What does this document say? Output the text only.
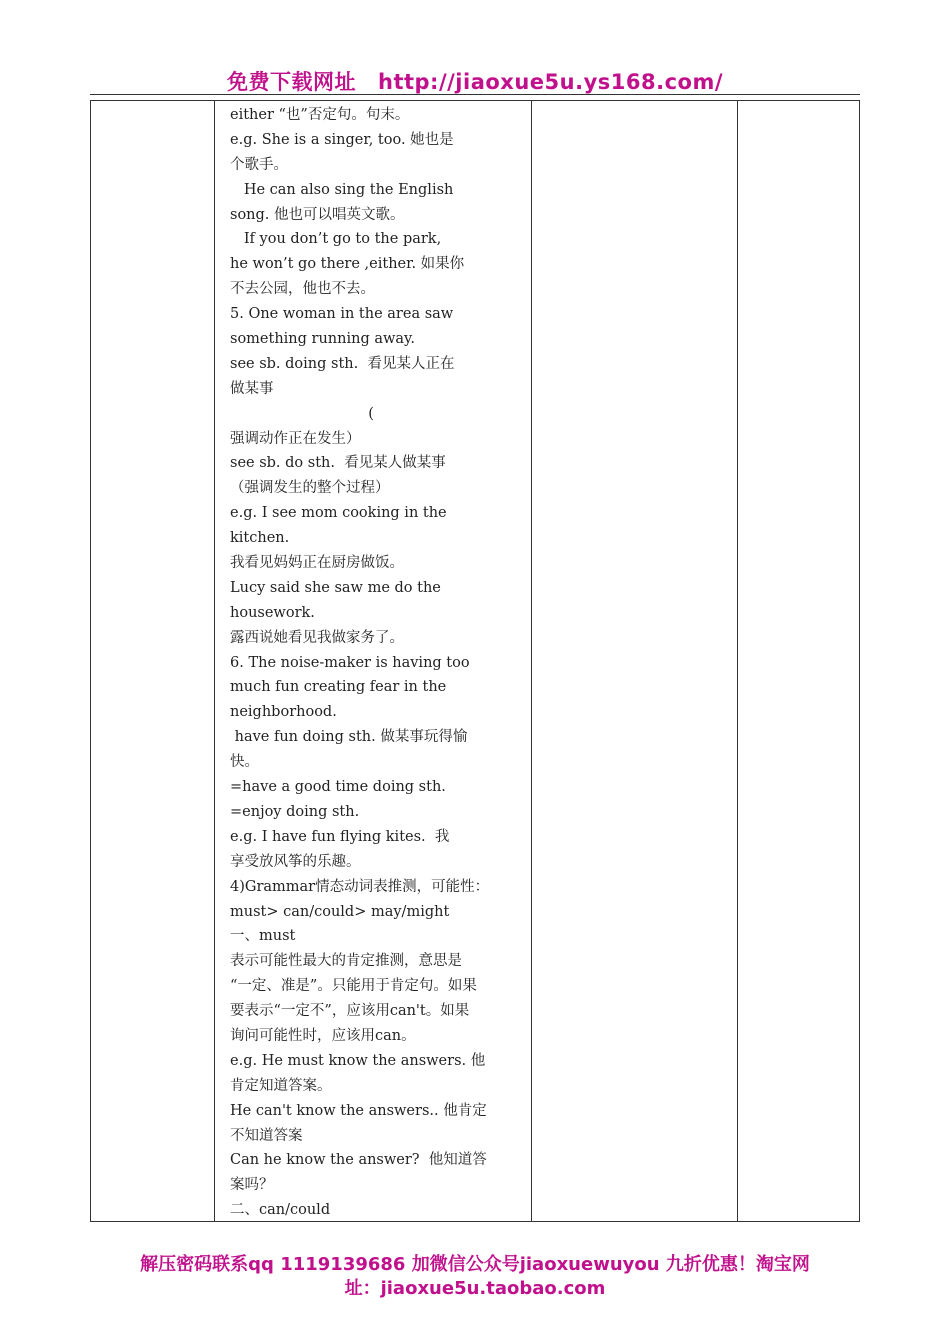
免费下载网址 http://jiaoxue5u.ys168.com/
either “也”否定句。句末。
e.g. She is a singer, too. 她也是
个歌手。
He can also sing the English
song. 他也可以唱英文歌。
If you don’t go to the park,
he won’t go there ,either. 如果你
不去公园，他也不去。
5. One woman in the area saw
something running away.
see sb. doing sth.  看见某人正在
做某事
(
强调动作正在发生）
see sb. do sth.  看见某人做某事
（强调发生的整个过程）
e.g. I see mom cooking in the
kitchen.
我看见妈妈正在厨房做饭。
Lucy said she saw me do the
housework.
露西说她看见我做家务了。
6. The noise-maker is having too
much fun creating fear in the
neighborhood.
have fun doing sth. 做某事玩得愉
快。
=have a good time doing sth.
=enjoy doing sth.
e.g. I have fun flying kites.  我
享受放风筝的乐趣。
4)Grammar情态动词表推测，可能性：
must> can/could> may/might
一、must
表示可能性最大的肯定推测，意思是
“一定、准是”。只能用于肯定句。如果
要表示“一定不”，应该用can't。如果
询问可能性时，应该用can。
e.g. He must know the answers. 他
肯定知道答案。
He can't know the answers.. 他肯定
不知道答案
Can he know the answer?  他知道答
案吗？
二、can/could
解压密码联系qq 1119139686 加微信公众号jiaoxuewuyou 九折优惠！淘宝网
址：jiaoxue5u.taobao.com
